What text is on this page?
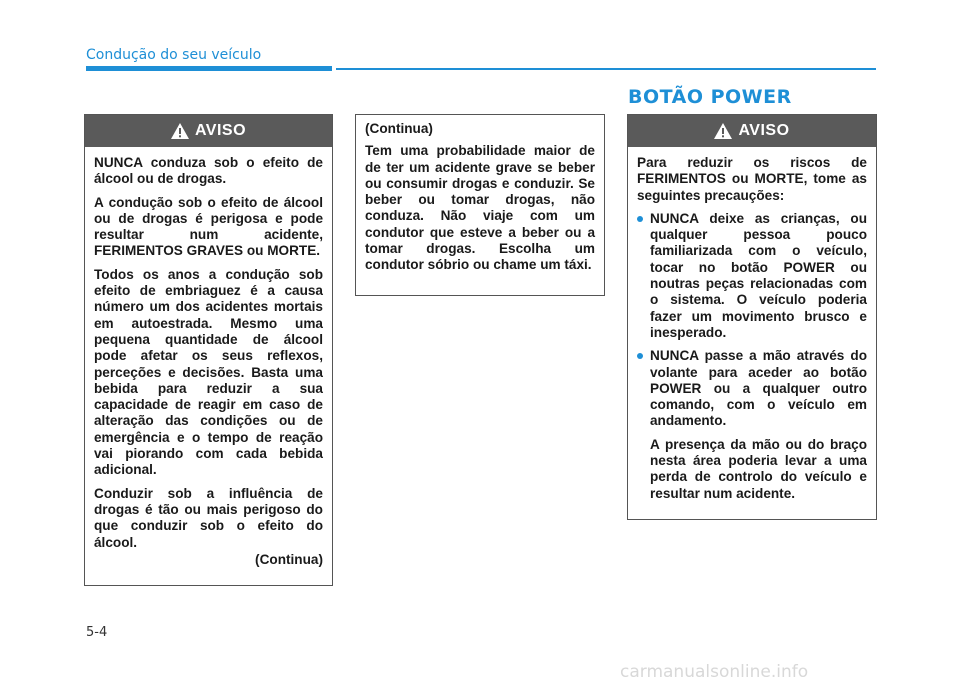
Condução do seu veículo
BOTÃO POWER
AVISO

NUNCA conduza sob o efeito de álcool ou de drogas.

A condução sob o efeito de álcool ou de drogas é perigosa e pode resultar num acidente, FERIMENTOS GRAVES ou MORTE.

Todos os anos a condução sob efeito de embriaguez é a causa número um dos acidentes mortais em autoestrada. Mesmo uma pequena quantidade de álcool pode afetar os seus reflexos, perceções e decisões. Basta uma bebida para reduzir a sua capacidade de reagir em caso de alteração das condições ou de emergência e o tempo de reação vai piorando com cada bebida adicional.

Conduzir sob a influência de drogas é tão ou mais perigoso do que conduzir sob o efeito do álcool.

(Continua)

(Continua)

Tem uma probabilidade maior de de ter um acidente grave se beber ou consumir drogas e conduzir. Se beber ou tomar drogas, não conduza. Não viaje com um condutor que esteve a beber ou a tomar drogas. Escolha um condutor sóbrio ou chame um táxi.

AVISO

Para reduzir os riscos de FERIMENTOS ou MORTE, tome as seguintes precauções:

NUNCA deixe as crianças, ou qualquer pessoa pouco familiarizada com o veículo, tocar no botão POWER ou noutras peças relacionadas com o sistema. O veículo poderia fazer um movimento brusco e inesperado.
NUNCA passe a mão através do volante para aceder ao botão POWER ou a qualquer outro comando, com o veículo em andamento.

A presença da mão ou do braço nesta área poderia levar a uma perda de controlo do veículo e resultar num acidente.

5-4
carmanualsonline.info
